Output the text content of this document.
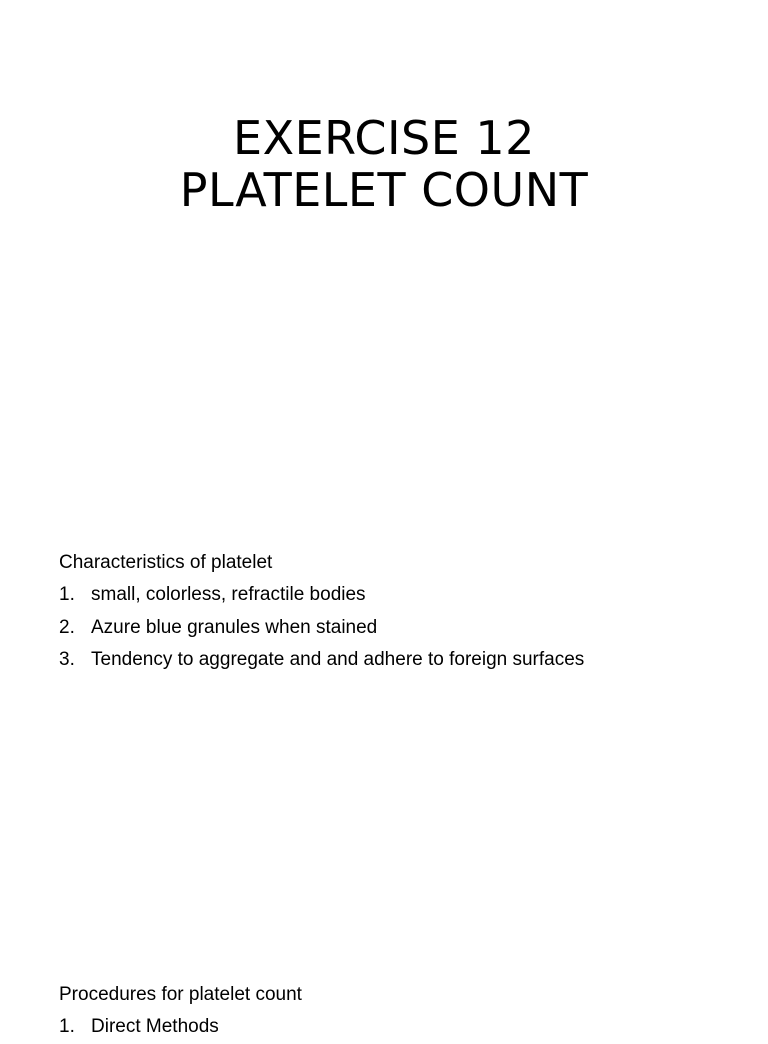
EXERCISE 12
PLATELET COUNT
Characteristics of platelet
1. small, colorless, refractile bodies
2. Azure blue granules when stained
3. Tendency to aggregate and and adhere to foreign surfaces
Procedures for platelet count
1. Direct Methods
